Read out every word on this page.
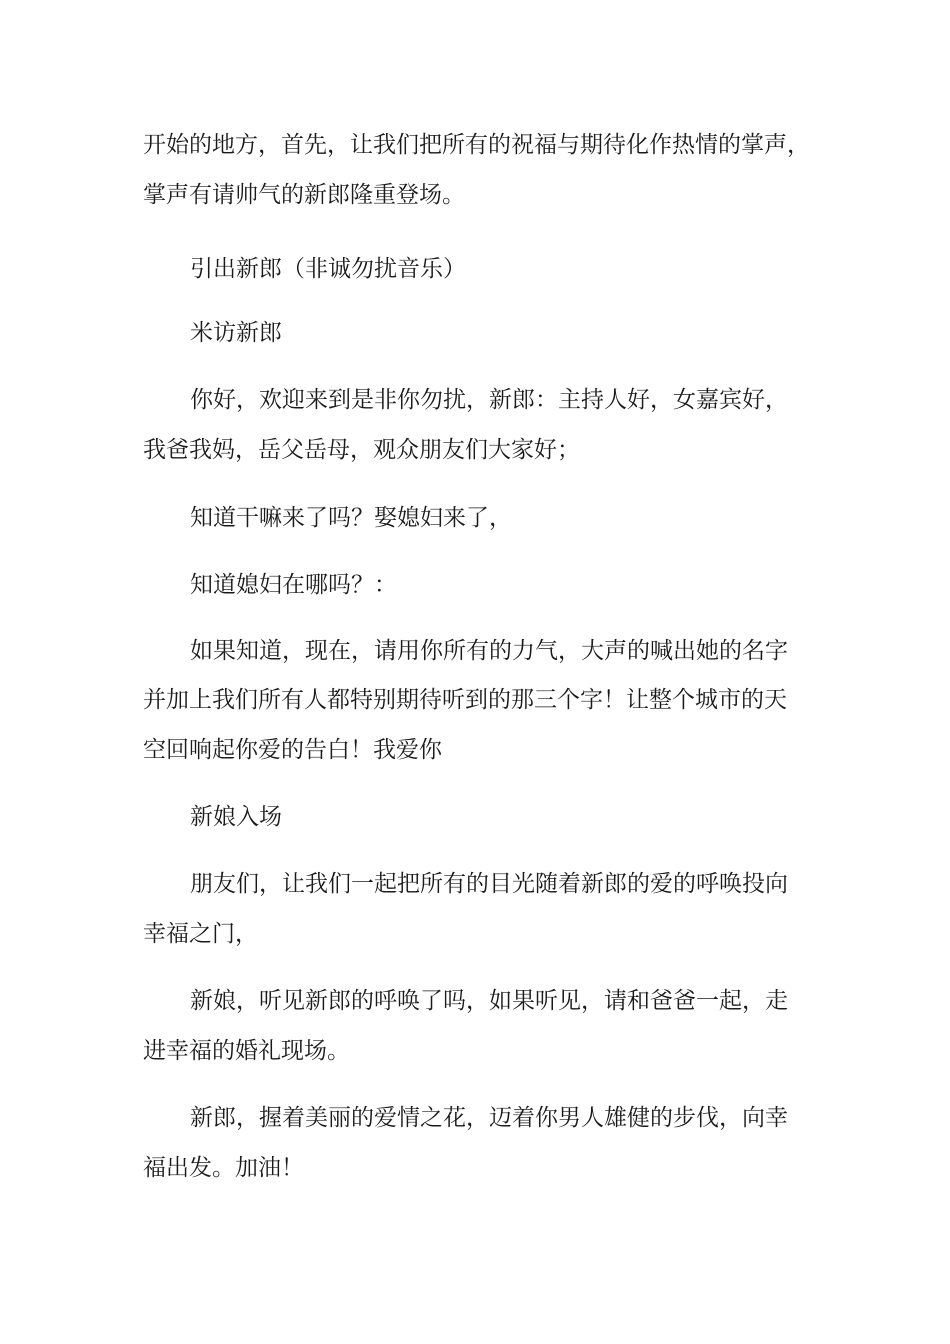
开始的地方，首先，让我们把所有的祝福与期待化作热情的掌声，

掌声有请帅气的新郎隆重登场。

引出新郎（非诚勿扰音乐）

米访新郎

你好，欢迎来到是非你勿扰，新郎：主持人好，女嘉宾好，

我爸我妈，岳父岳母，观众朋友们大家好；

知道干嘛来了吗？娶媳妇来了，

知道媳妇在哪吗？：

如果知道，现在，请用你所有的力气，大声的喊出她的名字

并加上我们所有人都特别期待听到的那三个字！让整个城市的天

空回响起你爱的告白！我爱你

新娘入场

朋友们，让我们一起把所有的目光随着新郎的爱的呼唤投向

幸福之门，

新娘，听见新郎的呼唤了吗，如果听见，请和爸爸一起，走

进幸福的婚礼现场。

新郎，握着美丽的爱情之花，迈着你男人雄健的步伐，向幸

福出发。加油！
